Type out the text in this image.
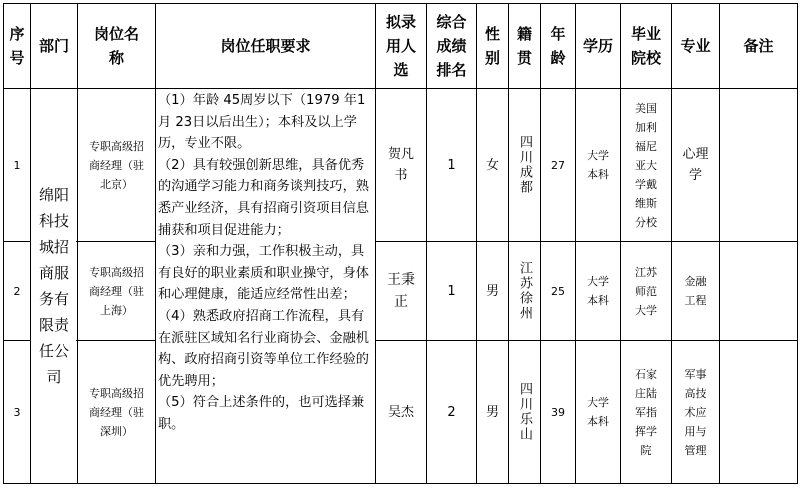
序号
部门
岗位名称
岗位任职要求
拟录用人选
综合成绩排名
性别
籍贯
年龄
学历
毕业院校
专业 备注
绵阳科技城招商服务有限责任公司

（1）年龄 45周岁以下（1979 年1月 23日以后出生）；本科及以上学历，专业不限。

（2）具有较强创新思维，具备优秀的沟通学习能力和商务谈判技巧，熟悉产业经济，具有招商引资项目信息捕获和项目促进能力；

（3）亲和力强，工作积极主动，具有良好的职业素质和职业操守，身体和心理健康，能适应经常性出差；

（4）熟悉政府招商工作流程，具有在派驻区域知名行业商协会、金融机构、政府招商引资等单位工作经验的优先聘用；

（5）符合上述条件的，也可选择兼职。

1
专职高级招商经理（驻北京）
贺凡书
1 女 四川成都 27
大学本科
美国加利福尼亚大学戴维斯分校
心理学
2
专职高级招商经理（驻上海）
王秉正
1 男 江苏徐州 25
大学本科
江苏师范大学
金融工程
3
专职高级招商经理（驻深圳）
吴杰	2 男 四川乐山 39
大学本科
石家庄陆军指挥学院
军事高技术应用与管理
